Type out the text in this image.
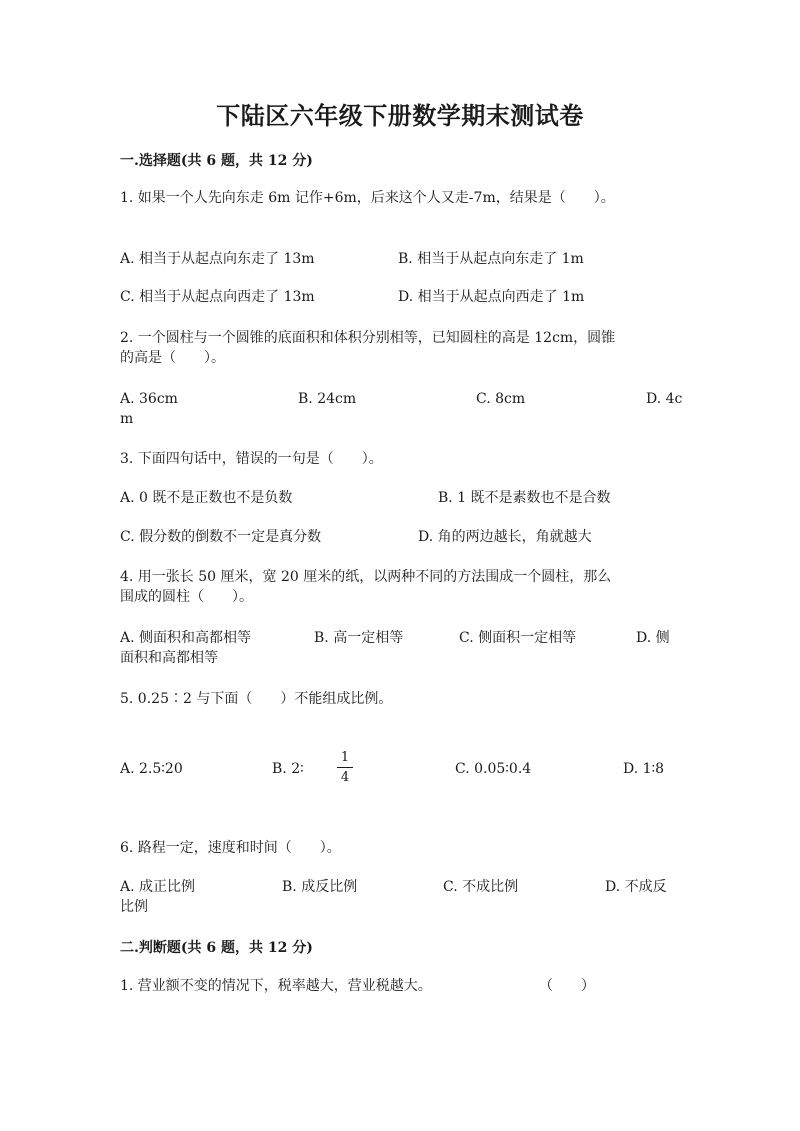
下陆区六年级下册数学期末测试卷
一.选择题(共 6 题，共 12 分)
1. 如果一个人先向东走 6m 记作+6m，后来这个人又走-7m，结果是（　　）。
A. 相当于从起点向东走了 13m	B. 相当于从起点向东走了 1m
C. 相当于从起点向西走了 13m	D. 相当于从起点向西走了 1m
2. 一个圆柱与一个圆锥的底面积和体积分别相等，已知圆柱的高是 12cm，圆锥
的高是（　　）。
A. 36cm	B. 24cm	C. 8cm	D. 4c
m
3. 下面四句话中，错误的一句是（　　）。
A. 0 既不是正数也不是负数	B. 1 既不是素数也不是合数
C. 假分数的倒数不一定是真分数	D. 角的两边越长，角就越大
4. 用一张长 50 厘米，宽 20 厘米的纸，以两种不同的方法围成一个圆柱，那么
围成的圆柱（　　）。
A. 侧面积和高都相等	B. 高一定相等	C. 侧面积一定相等	D. 侧
面积和高都相等
5. 0.25∶2 与下面（　　）不能组成比例。
A. 2.5∶20	B. 2∶
1
4
C. 0.05∶0.4	D. 1∶8
6. 路程一定，速度和时间（　　）。
A. 成正比例	B. 成反比例	C. 不成比例	D. 不成反
比例
二.判断题(共 6 题，共 12 分)
1. 营业额不变的情况下，税率越大，营业税越大。	（　　）
